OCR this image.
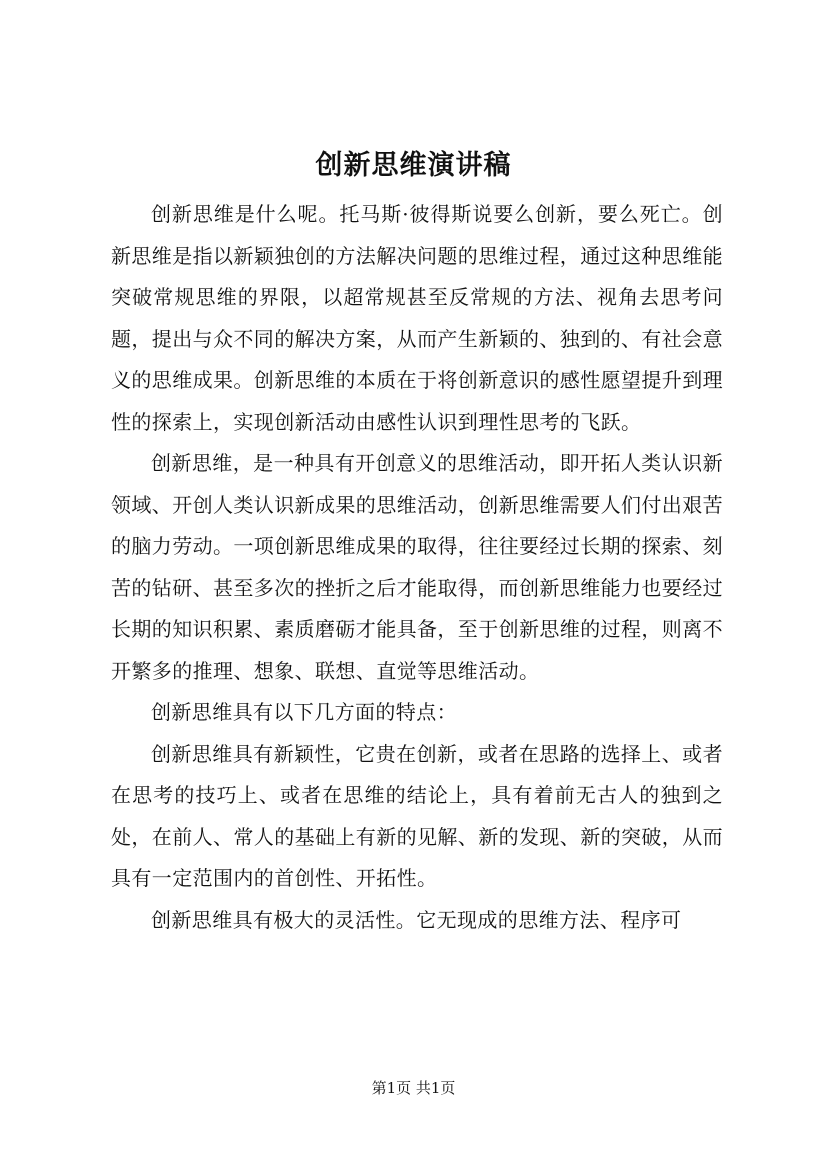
创新思维演讲稿

创新思维是什么呢。托马斯·彼得斯说要么创新，要么死亡。创新思维是指以新颖独创的方法解决问题的思维过程，通过这种思维能突破常规思维的界限，以超常规甚至反常规的方法、视角去思考问题，提出与众不同的解决方案，从而产生新颖的、独到的、有社会意义的思维成果。创新思维的本质在于将创新意识的感性愿望提升到理性的探索上，实现创新活动由感性认识到理性思考的飞跃。

创新思维，是一种具有开创意义的思维活动，即开拓人类认识新领域、开创人类认识新成果的思维活动，创新思维需要人们付出艰苦的脑力劳动。一项创新思维成果的取得，往往要经过长期的探索、刻苦的钻研、甚至多次的挫折之后才能取得，而创新思维能力也要经过长期的知识积累、素质磨砺才能具备，至于创新思维的过程，则离不开繁多的推理、想象、联想、直觉等思维活动。

创新思维具有以下几方面的特点：

创新思维具有新颖性，它贵在创新，或者在思路的选择上、或者在思考的技巧上、或者在思维的结论上，具有着前无古人的独到之处，在前人、常人的基础上有新的见解、新的发现、新的突破，从而具有一定范围内的首创性、开拓性。

创新思维具有极大的灵活性。它无现成的思维方法、程序可

第1页 共1页
